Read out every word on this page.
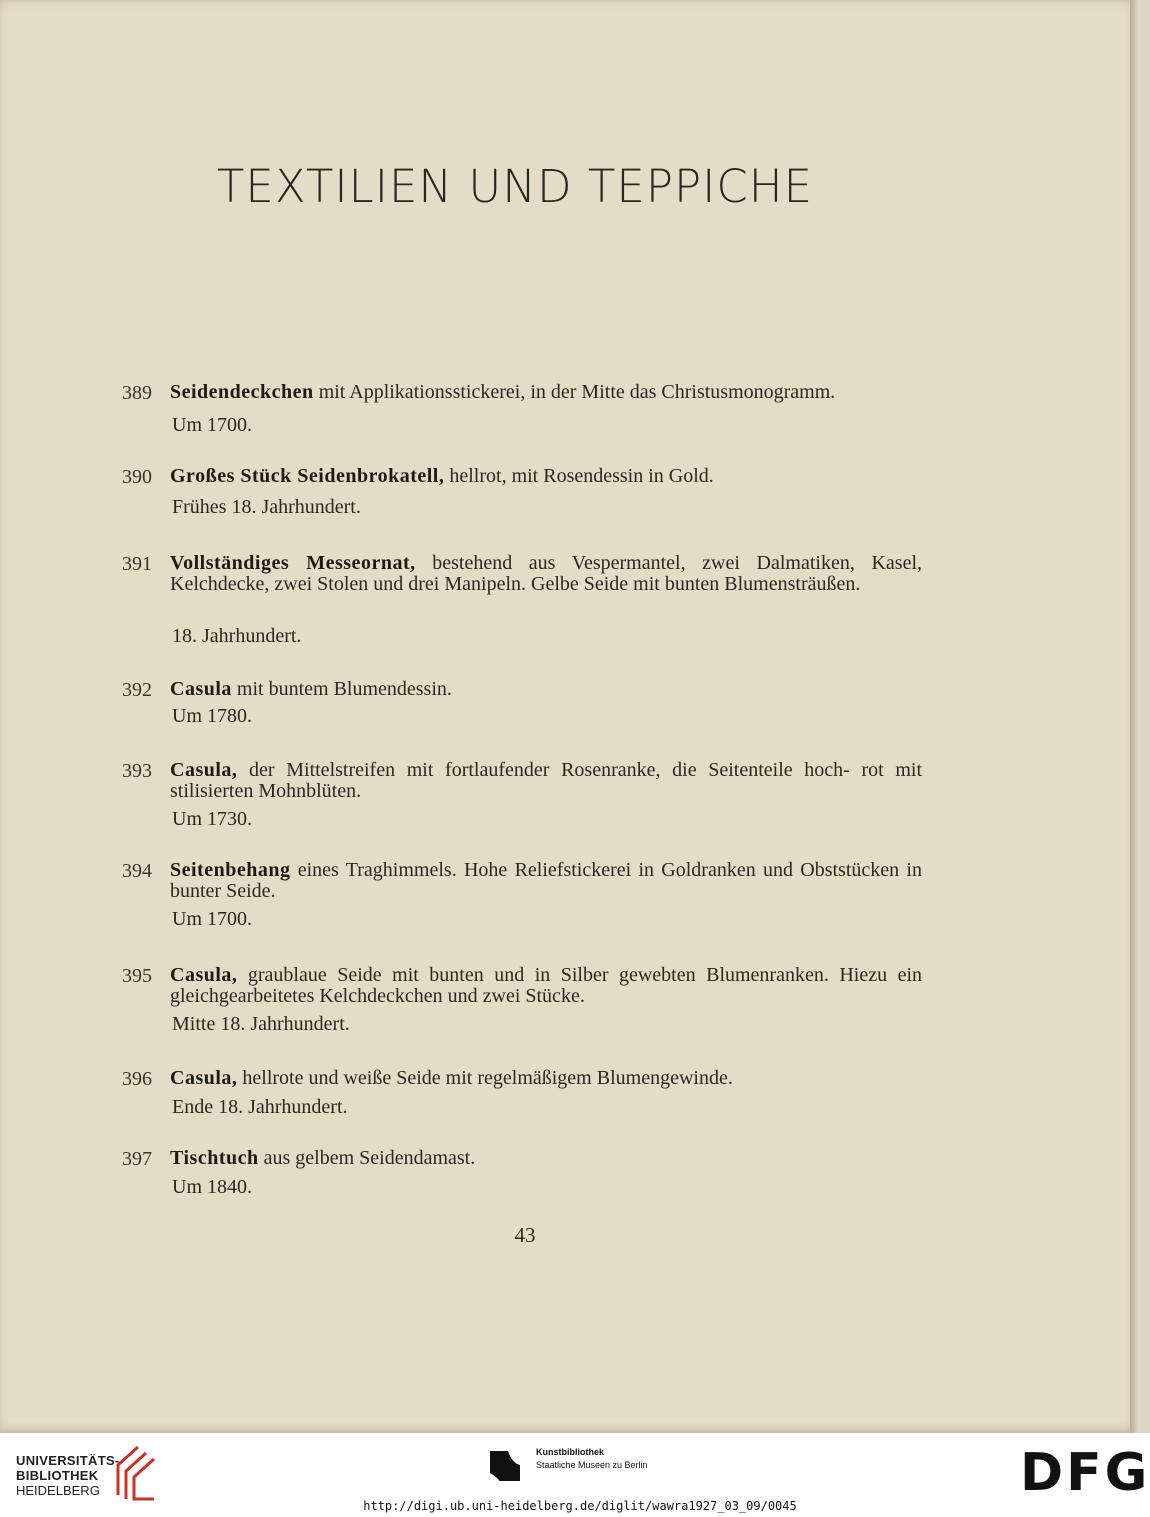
TEXTILIEN UND TEPPICHE
389 Seidendeckchen mit Applikationsstickerei, in der Mitte das Christusmonogramm.
Um 1700.
390 Großes Stück Seidenbrokatell, hellrot, mit Rosendessin in Gold.
Frühes 18. Jahrhundert.
391 Vollständiges Messeornat, bestehend aus Vespermantel, zwei Dalmatiken, Kasel, Kelchdecke, zwei Stolen und drei Manipeln. Gelbe Seide mit bunten Blumensträußen.
18. Jahrhundert.
392 Casula mit buntem Blumendessin.
Um 1780.
393 Casula, der Mittelstreifen mit fortlaufender Rosenranke, die Seitenteile hoch- rot mit stilisierten Mohnblüten.
Um 1730.
394 Seitenbehang eines Traghimmels. Hohe Reliefstickerei in Goldranken und Obststücken in bunter Seide.
Um 1700.
395 Casula, graublaue Seide mit bunten und in Silber gewebten Blumenranken. Hiezu ein gleichgearbeitetes Kelchdeckchen und zwei Stücke.
Mitte 18. Jahrhundert.
396 Casula, hellrote und weiße Seide mit regelmäßigem Blumengewinde.
Ende 18. Jahrhundert.
397 Tischtuch aus gelbem Seidendamast.
Um 1840.
43
UNIVERSITÄTS-
BIBLIOTHEK
HEIDELBERG
Kunstbibliothek
Staatliche Museen zu Berlin	DFG
http://digi.ub.uni-heidelberg.de/diglit/wawra1927_03_09/0045
